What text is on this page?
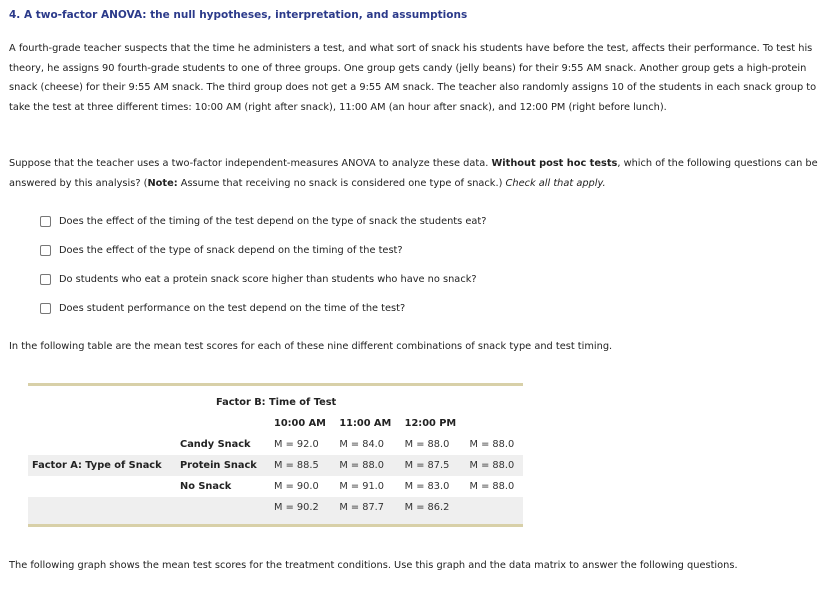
4. A two-factor ANOVA: the null hypotheses, interpretation, and assumptions
A fourth-grade teacher suspects that the time he administers a test, and what sort of snack his students have before the test, affects their performance. To test his theory, he assigns 90 fourth-grade students to one of three groups. One group gets candy (jelly beans) for their 9:55 AM snack. Another group gets a high-protein snack (cheese) for their 9:55 AM snack. The third group does not get a 9:55 AM snack. The teacher also randomly assigns 10 of the students in each snack group to take the test at three different times: 10:00 AM (right after snack), 11:00 AM (an hour after snack), and 12:00 PM (right before lunch).
Suppose that the teacher uses a two-factor independent-measures ANOVA to analyze these data. Without post hoc tests, which of the following questions can be answered by this analysis? (Note: Assume that receiving no snack is considered one type of snack.) Check all that apply.
Does the effect of the timing of the test depend on the type of snack the students eat?
Does the effect of the type of snack depend on the timing of the test?
Do students who eat a protein snack score higher than students who have no snack?
Does student performance on the test depend on the time of the test?
In the following table are the mean test scores for each of these nine different combinations of snack type and test timing.

	Factor B: Time of Test				
		10:00 AM	11:00 AM	12:00 PM	
	Candy Snack	M = 92.0	M = 84.0	M = 88.0	M = 88.0
Factor A: Type of Snack	Protein Snack	M = 88.5	M = 88.0	M = 87.5	M = 88.0
	No Snack	M = 90.0	M = 91.0	M = 83.0	M = 88.0
		M = 90.2	M = 87.7	M = 86.2	

The following graph shows the mean test scores for the treatment conditions. Use this graph and the data matrix to answer the following questions.
